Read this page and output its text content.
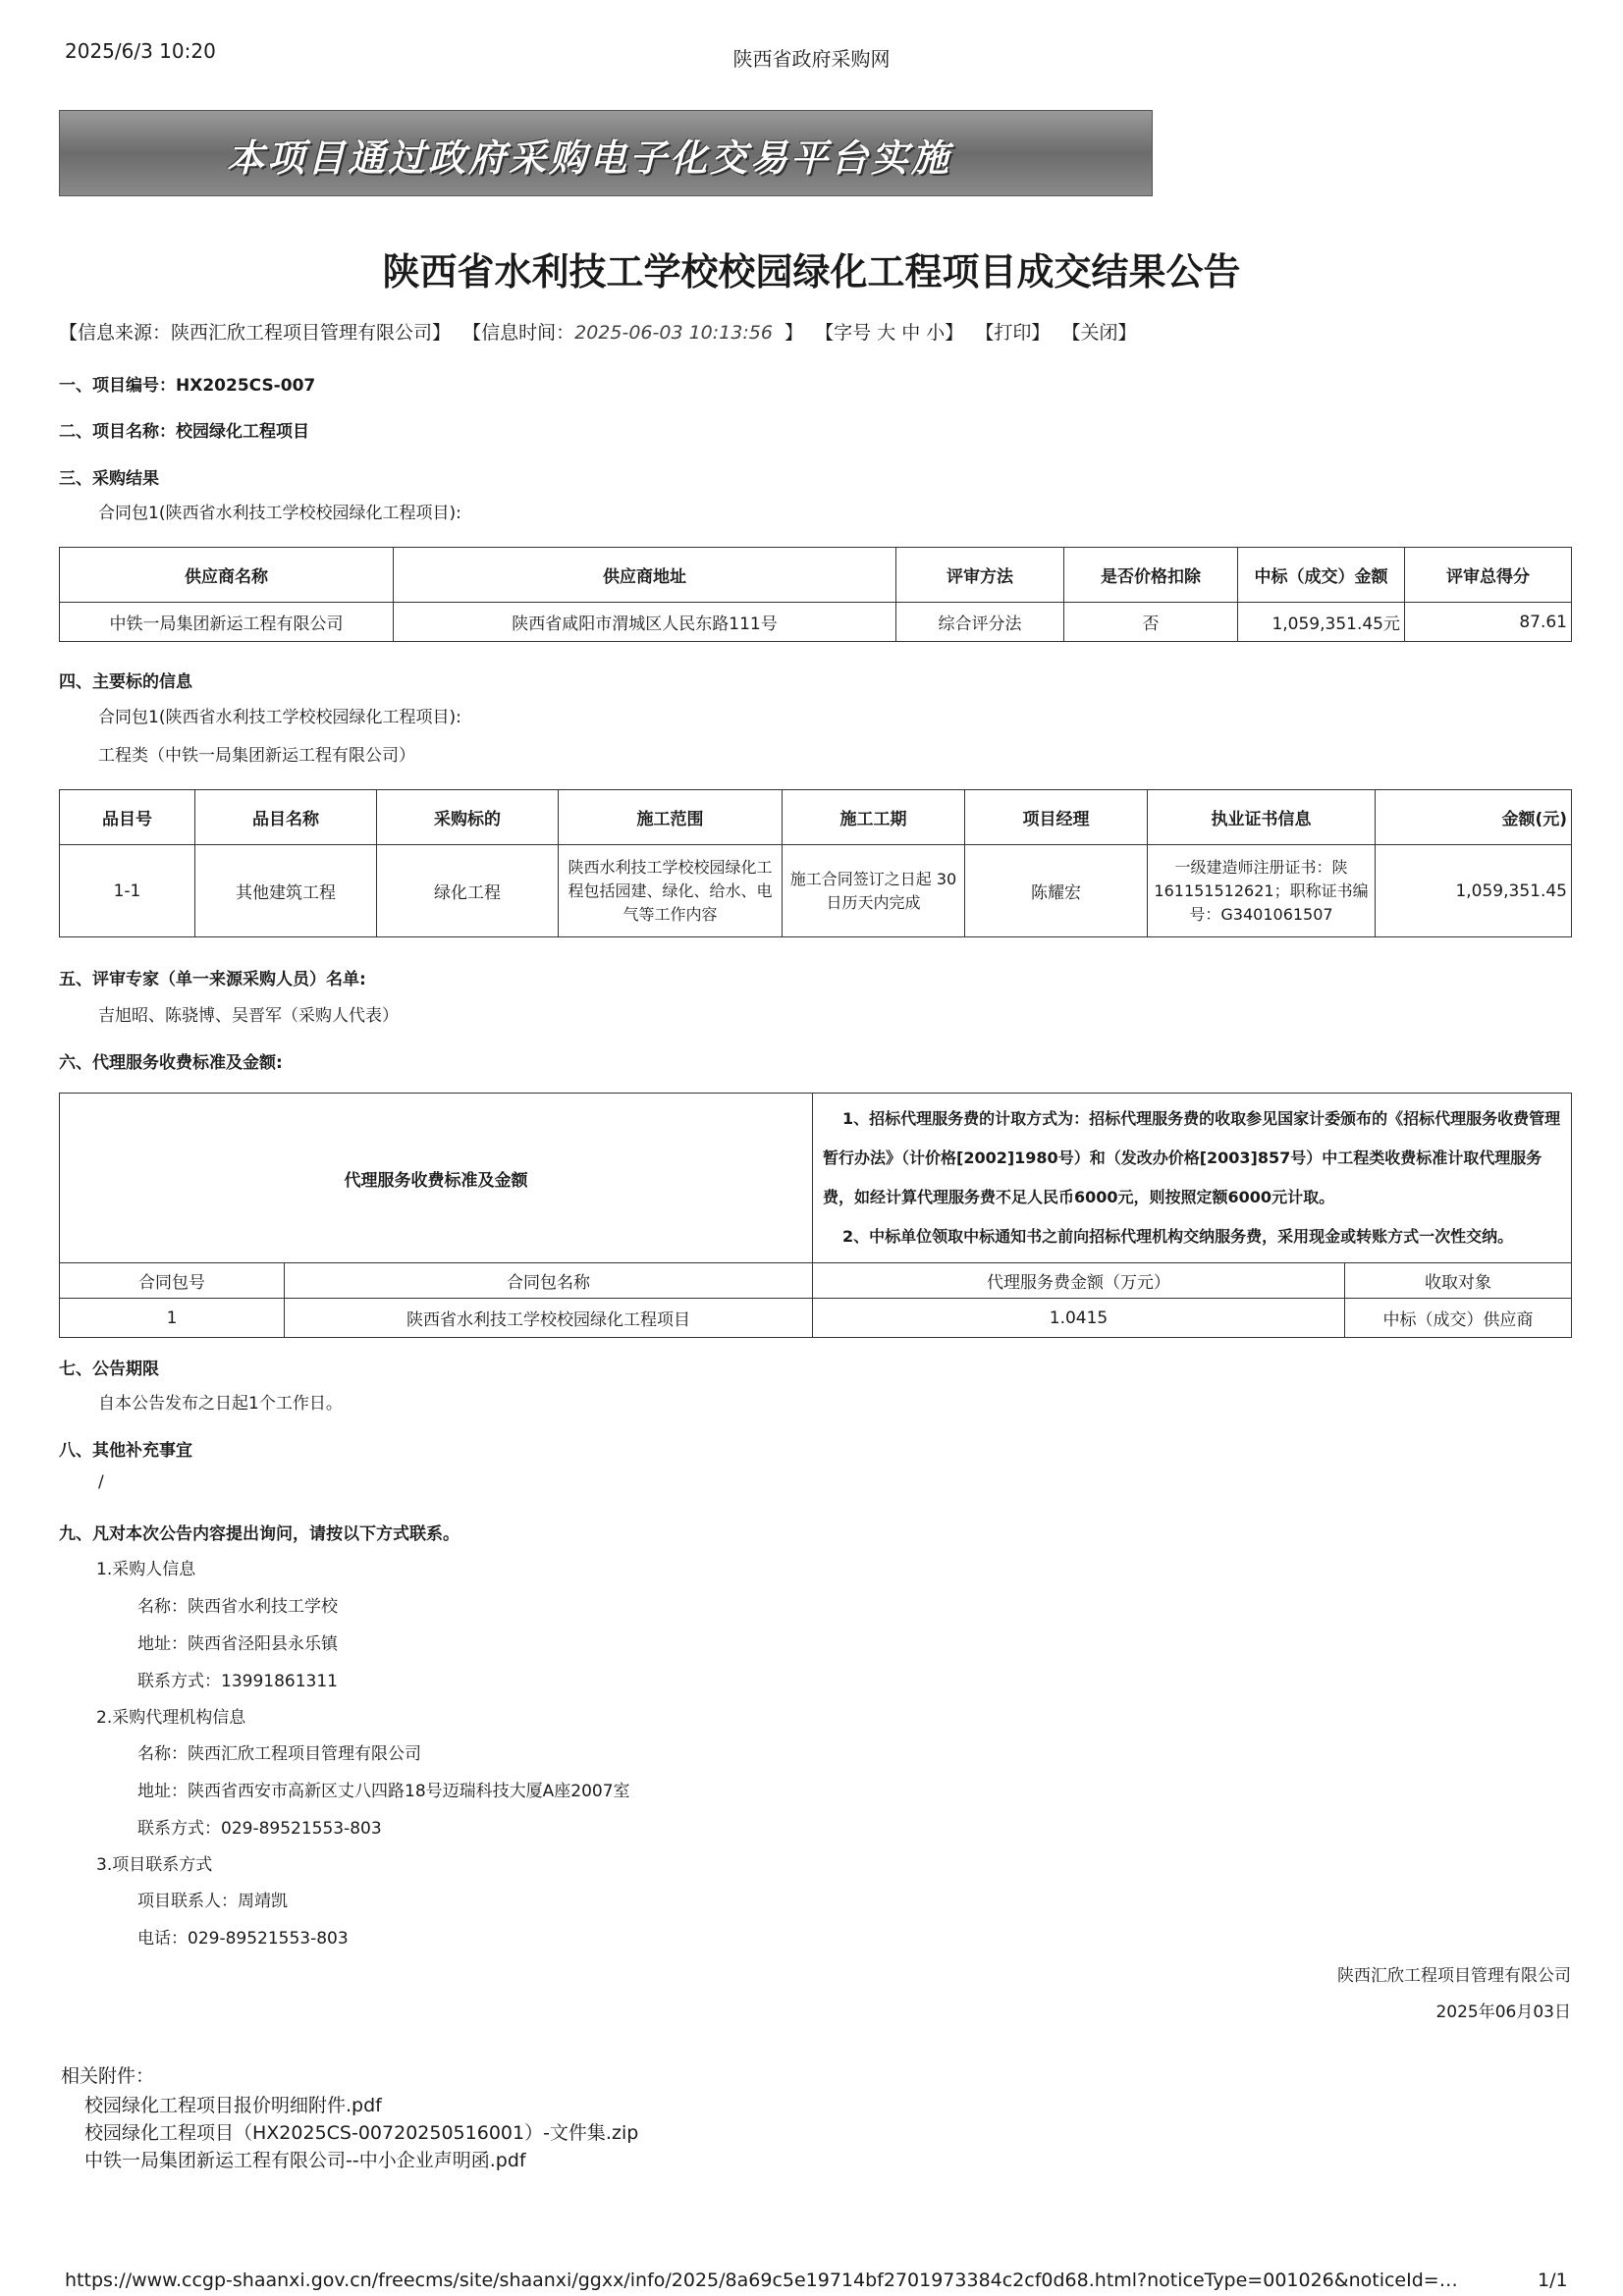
2025/6/3 10:20	陕西省政府采购网
本项目通过政府采购电子化交易平台实施
陕西省水利技工学校校园绿化工程项目成交结果公告
【信息来源：陕西汇欣工程项目管理有限公司】 【信息时间：2025-06-03 10:13:56 】 【字号 大 中 小】 【打印】 【关闭】
一、项目编号：HX2025CS-007
二、项目名称：校园绿化工程项目
三、采购结果
合同包1(陕西省水利技工学校校园绿化工程项目):
供应商名称	供应商地址	评审方法	是否价格扣除	中标（成交）金额	评审总得分
中铁一局集团新运工程有限公司	陕西省咸阳市渭城区人民东路111号	综合评分法	否	1,059,351.45元	87.61
四、主要标的信息
合同包1(陕西省水利技工学校校园绿化工程项目):
工程类（中铁一局集团新运工程有限公司）
品目号	品目名称	采购标的	施工范围	施工工期	项目经理	执业证书信息	金额(元)
1-1	其他建筑工程	绿化工程	陕西水利技工学校校园绿化工程包括园建、绿化、给水、电气等工作内容	施工合同签订之日起 30 日历天内完成	陈耀宏	一级建造师注册证书：陕161151512621；职称证书编号：G3401061507	1,059,351.45
五、评审专家（单一来源采购人员）名单:
吉旭昭、陈骁博、吴晋军（采购人代表）
六、代理服务收费标准及金额:
代理服务收费标准及金额		1、招标代理服务费的计取方式为：招标代理服务费的收取参见国家计委颁布的《招标代理服务收费管理暂行办法》（计价格[2002]1980号）和（发改办价格[2003]857号）中工程类收费标准计取代理服务费，如经计算代理服务费不足人民币6000元，则按照定额6000元计取。
2、中标单位领取中标通知书之前向招标代理机构交纳服务费，采用现金或转账方式一次性交纳。	

合同包号	合同包名称	代理服务费金额（万元）	收取对象
1	陕西省水利技工学校校园绿化工程项目	1.0415	中标（成交）供应商
七、公告期限
自本公告发布之日起1个工作日。
八、其他补充事宜
/
九、凡对本次公告内容提出询问，请按以下方式联系。
1.采购人信息
名称：陕西省水利技工学校
地址：陕西省泾阳县永乐镇
联系方式：13991861311
2.采购代理机构信息
名称：陕西汇欣工程项目管理有限公司
地址：陕西省西安市高新区丈八四路18号迈瑞科技大厦A座2007室
联系方式：029-89521553-803
3.项目联系方式
项目联系人：周靖凯
电话：029-89521553-803
陕西汇欣工程项目管理有限公司
2025年06月03日
相关附件：
校园绿化工程项目报价明细附件.pdf
校园绿化工程项目（HX2025CS-00720250516001）-文件集.zip
中铁一局集团新运工程有限公司--中小企业声明函.pdf
https://www.ccgp-shaanxi.gov.cn/freecms/site/shaanxi/ggxx/info/2025/8a69c5e19714bf2701973384c2cf0d68.html?noticeType=001026&noticeId=…	1/1
